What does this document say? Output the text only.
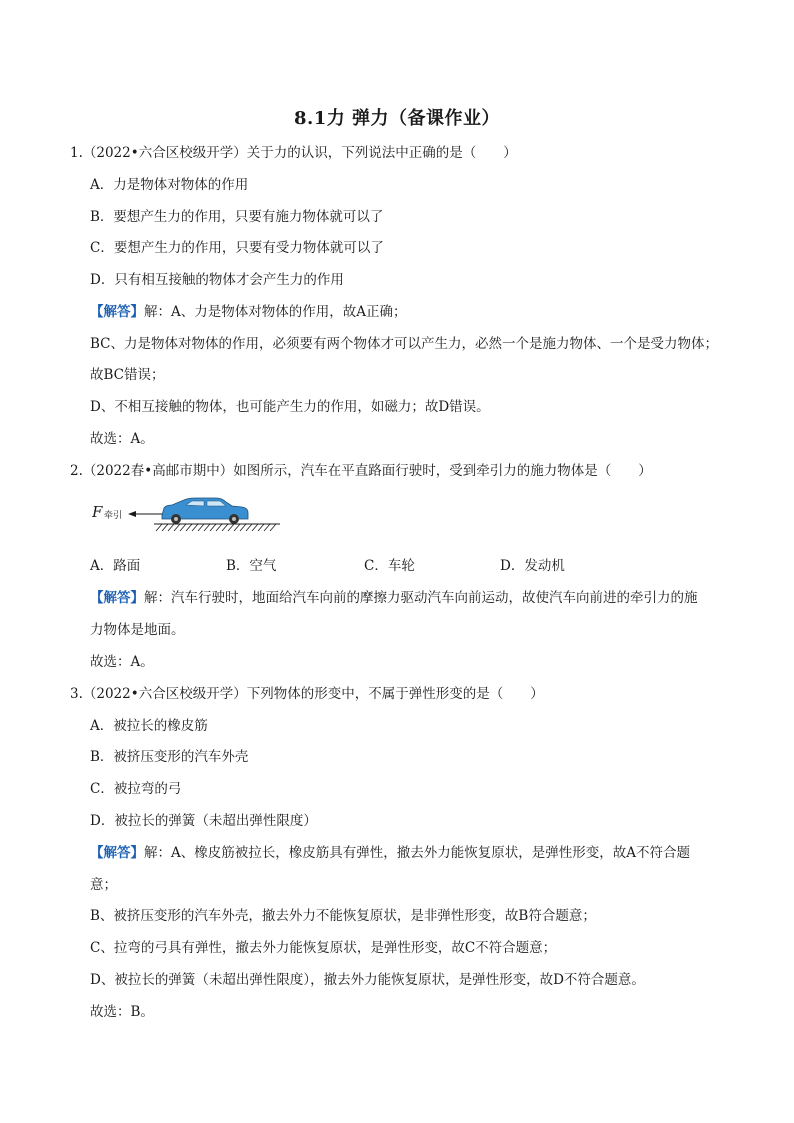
8.1力 弹力（备课作业）
1.（2022•六合区校级开学）关于力的认识，下列说法中正确的是（　　）
A．力是物体对物体的作用
B．要想产生力的作用，只要有施力物体就可以了
C．要想产生力的作用，只要有受力物体就可以了
D．只有相互接触的物体才会产生力的作用
【解答】解：A、力是物体对物体的作用，故A正确；
BC、力是物体对物体的作用，必须要有两个物体才可以产生力，必然一个是施力物体、一个是受力物体；
故BC错误；
D、不相互接触的物体，也可能产生力的作用，如磁力；故D错误。
故选：A。
2.（2022春•高邮市期中）如图所示，汽车在平直路面行驶时，受到牵引力的施力物体是（　　）
F 牵引
A．路面	B．空气	C．车轮	D．发动机
【解答】解：汽车行驶时，地面给汽车向前的摩擦力驱动汽车向前运动，故使汽车向前进的牵引力的施
力物体是地面。
故选：A。
3.（2022•六合区校级开学）下列物体的形变中，不属于弹性形变的是（　　）
A．被拉长的橡皮筋
B．被挤压变形的汽车外壳
C．被拉弯的弓
D．被拉长的弹簧（未超出弹性限度）
【解答】解：A、橡皮筋被拉长，橡皮筋具有弹性，撤去外力能恢复原状，是弹性形变，故A不符合题
意；
B、被挤压变形的汽车外壳，撤去外力不能恢复原状，是非弹性形变，故B符合题意；
C、拉弯的弓具有弹性，撤去外力能恢复原状，是弹性形变，故C不符合题意；
D、被拉长的弹簧（未超出弹性限度），撤去外力能恢复原状，是弹性形变，故D不符合题意。
故选：B。
